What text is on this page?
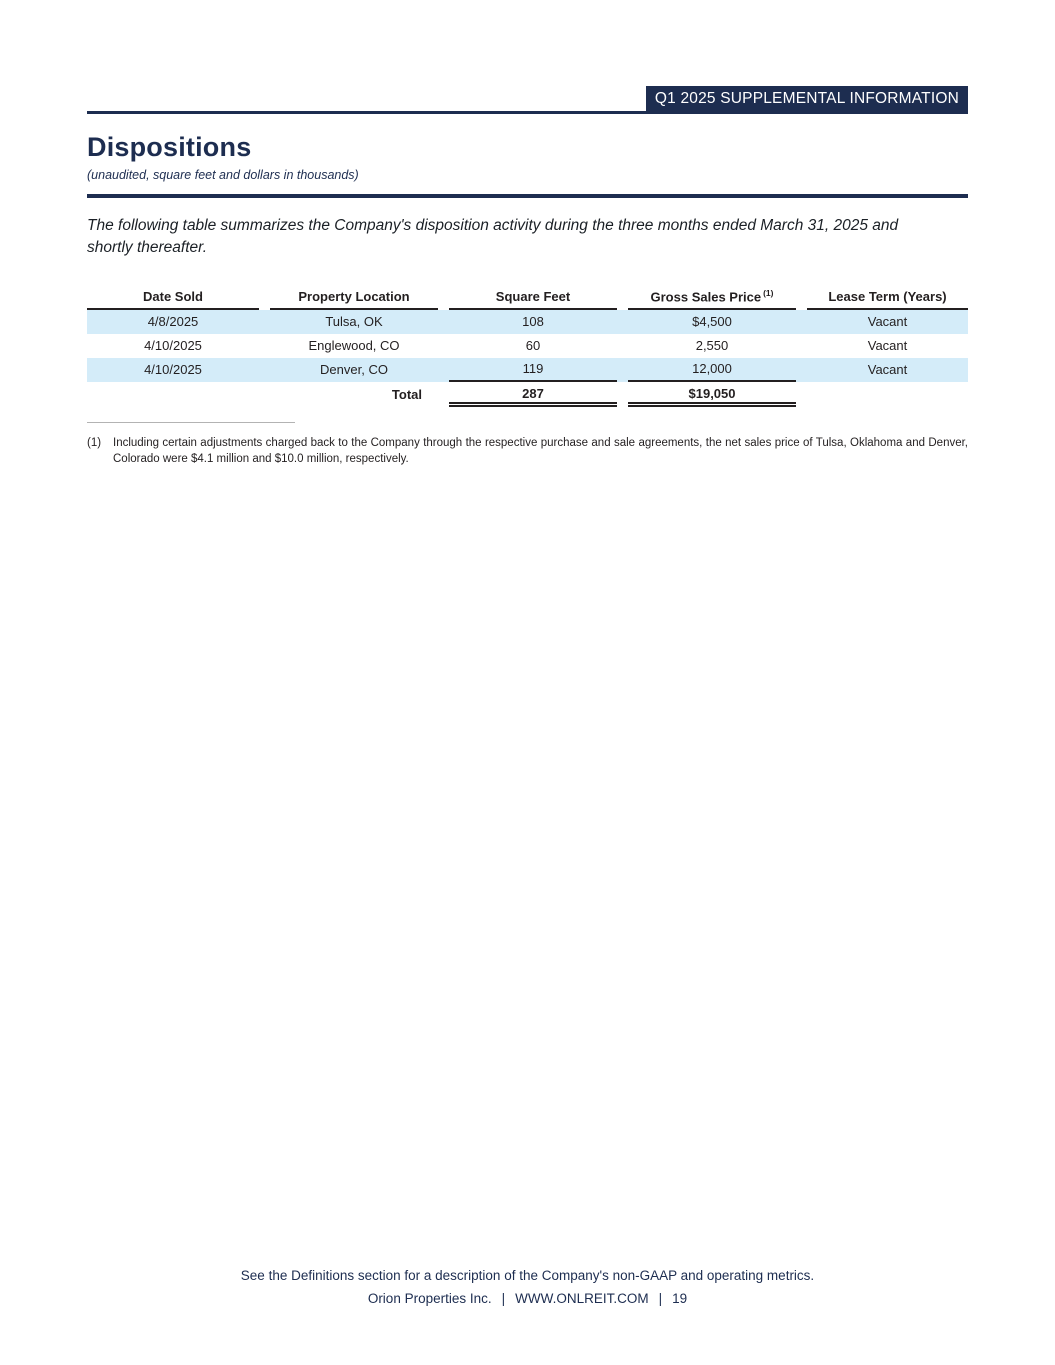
Q1 2025 SUPPLEMENTAL INFORMATION
Dispositions
(unaudited, square feet and dollars in thousands)

The following table summarizes the Company's disposition activity during the three months ended March 31, 2025 and shortly thereafter.

Date Sold	Property Location	Square Feet	Gross Sales Price $^{(1)}$	Lease Term (Years)
4/8/2025	Tulsa, OK	108	$4,500	Vacant
4/10/2025	Englewood, CO	60	2,550	Vacant
4/10/2025	Denver, CO	119	12,000	Vacant
Total	287	$19,050
(1)	Including certain adjustments charged back to the Company through the respective purchase and sale agreements, the net sales price of Tulsa, Oklahoma and Denver, Colorado were $4.1 million and $10.0 million, respectively.
See the Definitions section for a description of the Company's non-GAAP and operating metrics.
Orion Properties Inc. | WWW.ONLREIT.COM | 19
